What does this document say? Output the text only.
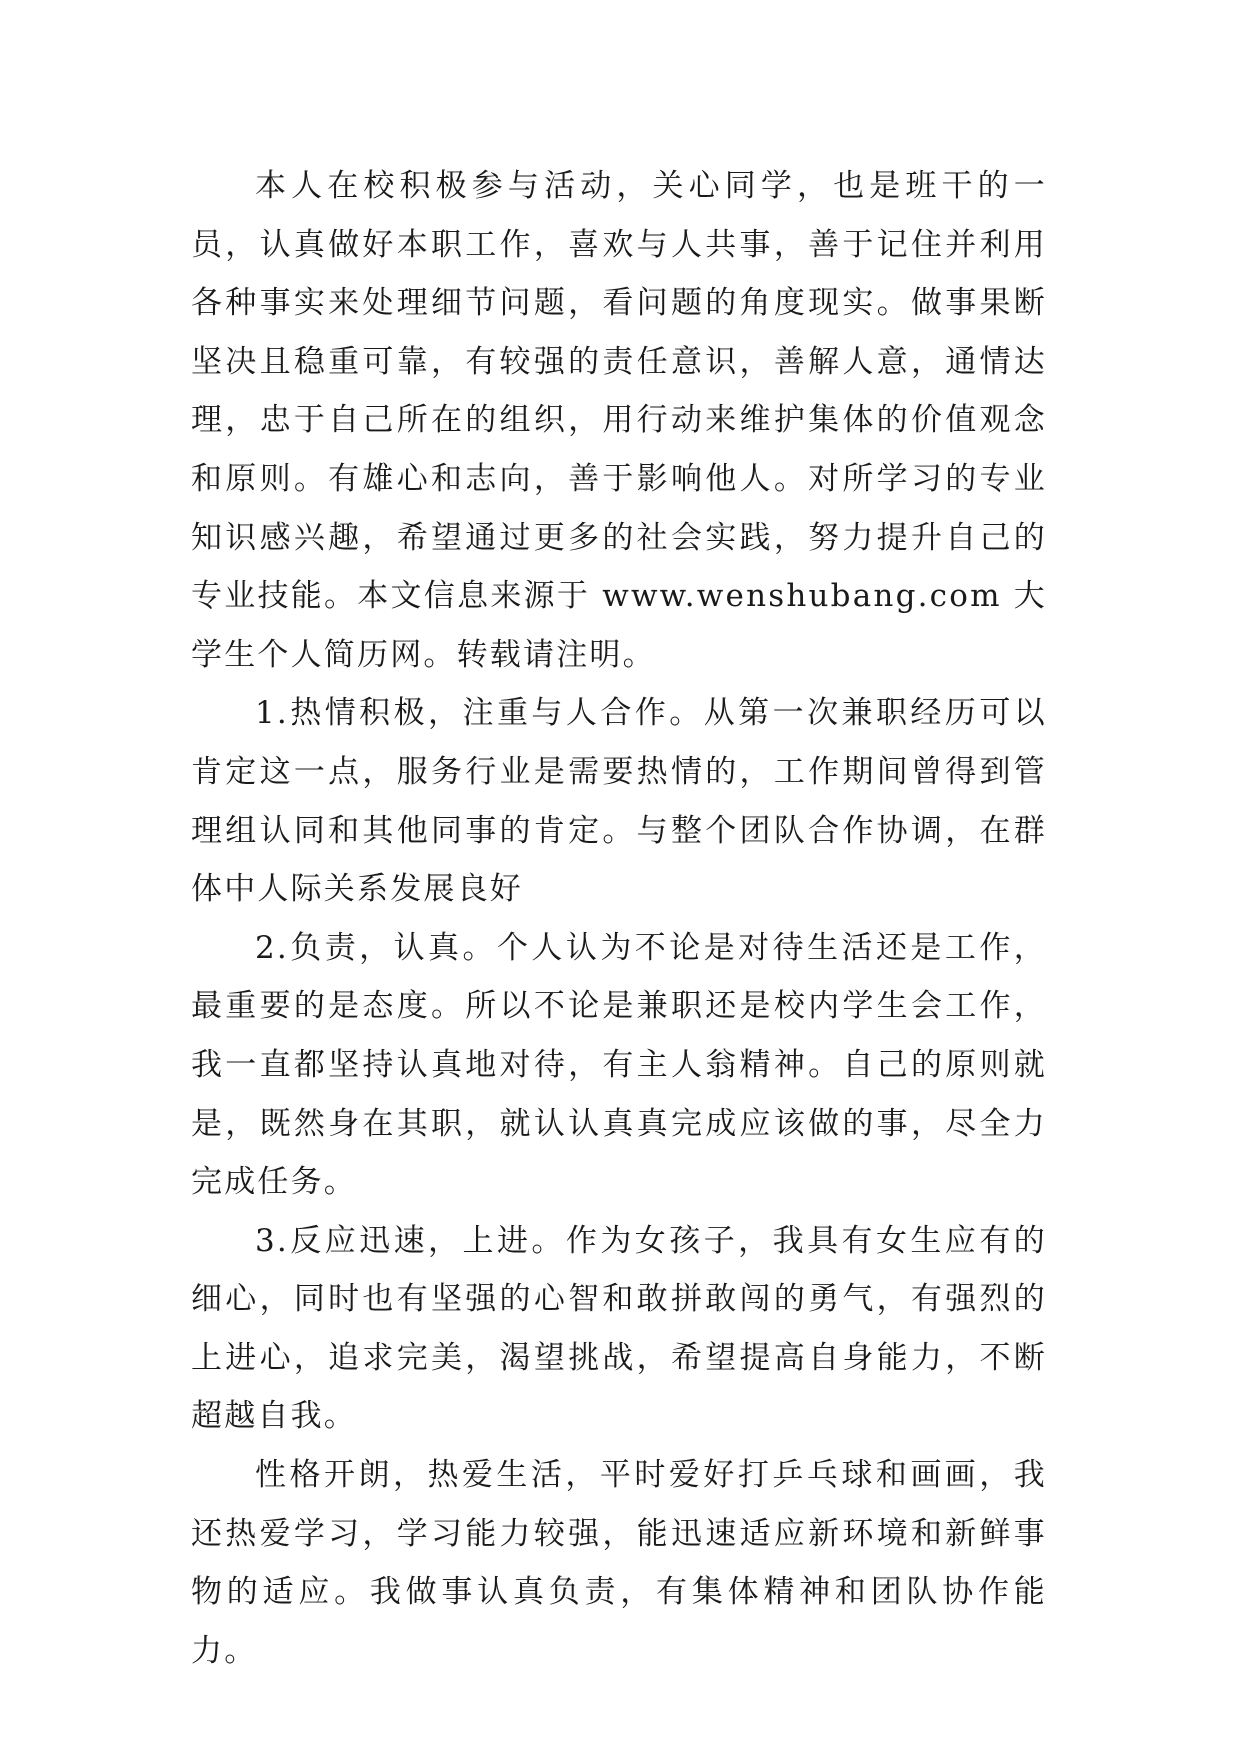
本人在校积极参与活动，关心同学，也是班干的一员，认真做好本职工作，喜欢与人共事，善于记住并利用各种事实来处理细节问题，看问题的角度现实。做事果断坚决且稳重可靠，有较强的责任意识，善解人意，通情达理，忠于自己所在的组织，用行动来维护集体的价值观念和原则。有雄心和志向，善于影响他人。对所学习的专业知识感兴趣，希望通过更多的社会实践，努力提升自己的专业技能。本文信息来源于 www.wenshubang.com 大学生个人简历网。转载请注明。

1.热情积极，注重与人合作。从第一次兼职经历可以肯定这一点，服务行业是需要热情的，工作期间曾得到管理组认同和其他同事的肯定。与整个团队合作协调，在群体中人际关系发展良好

2.负责，认真。个人认为不论是对待生活还是工作，最重要的是态度。所以不论是兼职还是校内学生会工作，我一直都坚持认真地对待，有主人翁精神。自己的原则就是，既然身在其职，就认认真真完成应该做的事，尽全力完成任务。

3.反应迅速，上进。作为女孩子，我具有女生应有的细心，同时也有坚强的心智和敢拼敢闯的勇气，有强烈的上进心，追求完美，渴望挑战，希望提高自身能力，不断超越自我。

性格开朗，热爱生活，平时爱好打乒乓球和画画，我还热爱学习，学习能力较强，能迅速适应新环境和新鲜事物的适应。我做事认真负责，有集体精神和团队协作能力。
